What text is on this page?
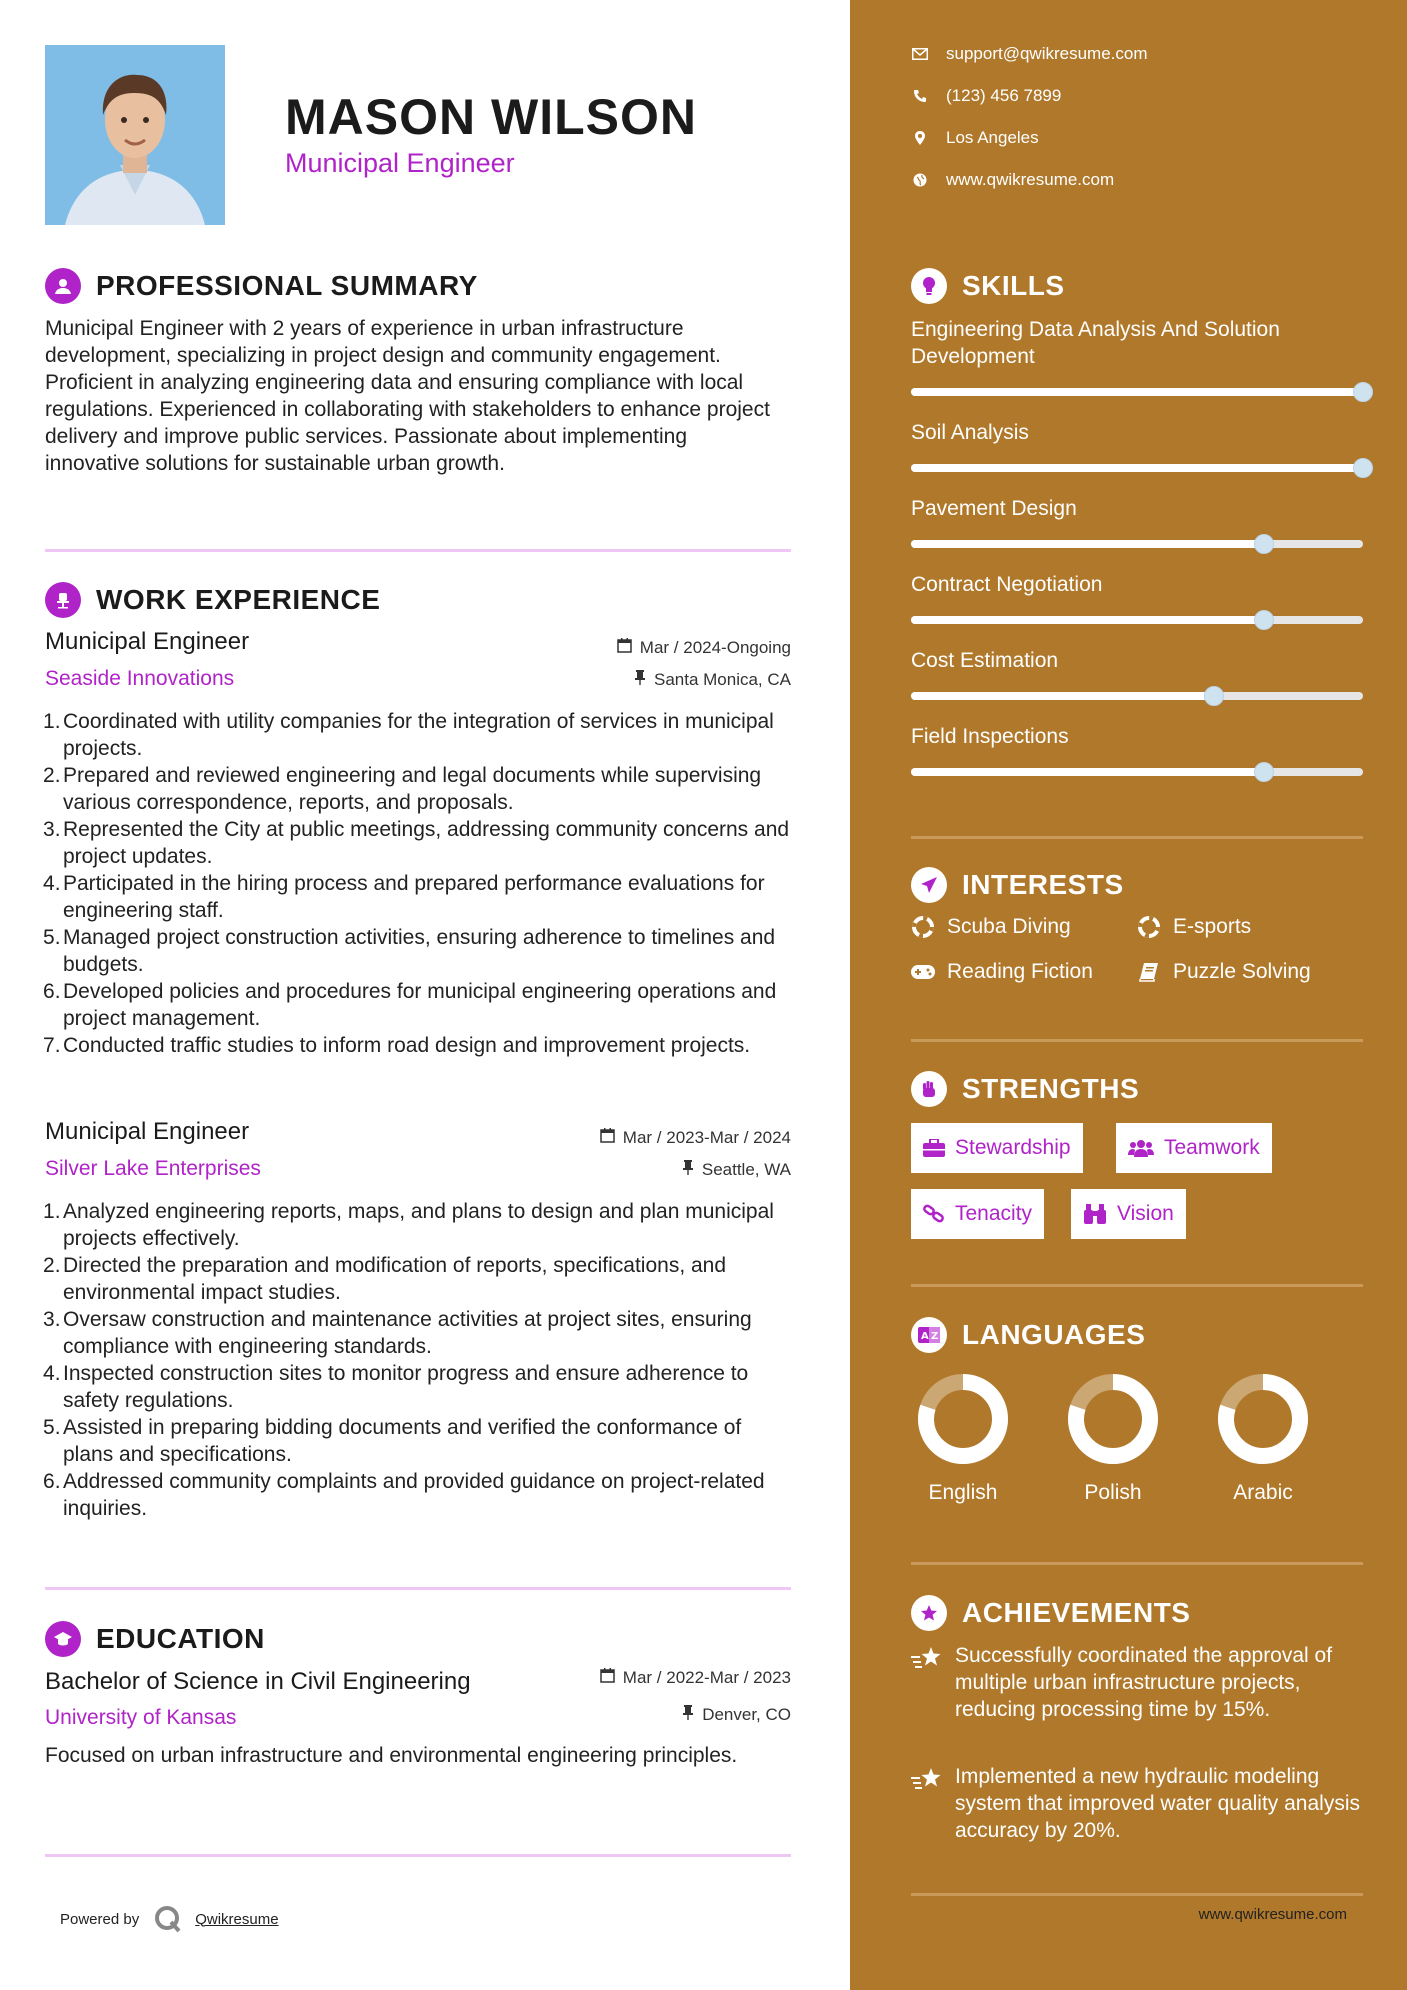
MASON WILSON
Municipal Engineer
PROFESSIONAL SUMMARY
Municipal Engineer with 2 years of experience in urban infrastructure development, specializing in project design and community engagement. Proficient in analyzing engineering data and ensuring compliance with local regulations. Experienced in collaborating with stakeholders to enhance project delivery and improve public services. Passionate about implementing innovative solutions for sustainable urban growth.
WORK EXPERIENCE
Municipal Engineer
Seaside Innovations
Mar / 2024-Ongoing
Santa Monica, CA
Coordinated with utility companies for the integration of services in municipal projects.
Prepared and reviewed engineering and legal documents while supervising various correspondence, reports, and proposals.
Represented the City at public meetings, addressing community concerns and project updates.
Participated in the hiring process and prepared performance evaluations for engineering staff.
Managed project construction activities, ensuring adherence to timelines and budgets.
Developed policies and procedures for municipal engineering operations and project management.
Conducted traffic studies to inform road design and improvement projects.
Municipal Engineer
Silver Lake Enterprises
Mar / 2023-Mar / 2024
Seattle, WA
Analyzed engineering reports, maps, and plans to design and plan municipal projects effectively.
Directed the preparation and modification of reports, specifications, and environmental impact studies.
Oversaw construction and maintenance activities at project sites, ensuring compliance with engineering standards.
Inspected construction sites to monitor progress and ensure adherence to safety regulations.
Assisted in preparing bidding documents and verified the conformance of plans and specifications.
Addressed community complaints and provided guidance on project-related inquiries.
EDUCATION
Bachelor of Science in Civil Engineering
University of Kansas
Mar / 2022-Mar / 2023
Denver, CO
Focused on urban infrastructure and environmental engineering principles.
Powered by	Qwikresume
support@qwikresume.com
(123) 456 7899
Los Angeles
www.qwikresume.com
SKILLS
Engineering Data Analysis And Solution Development
Soil Analysis
Pavement Design
Contract Negotiation
Cost Estimation
Field Inspections
INTERESTS
Scuba Diving	E-sports
Reading Fiction	Puzzle Solving
STRENGTHS
Stewardship	Teamwork
Tenacity	Vision
A Z LANGUAGES
English	Polish	Arabic
ACHIEVEMENTS
Successfully coordinated the approval of multiple urban infrastructure projects, reducing processing time by 15%.
Implemented a new hydraulic modeling system that improved water quality analysis accuracy by 20%.
www.qwikresume.com
